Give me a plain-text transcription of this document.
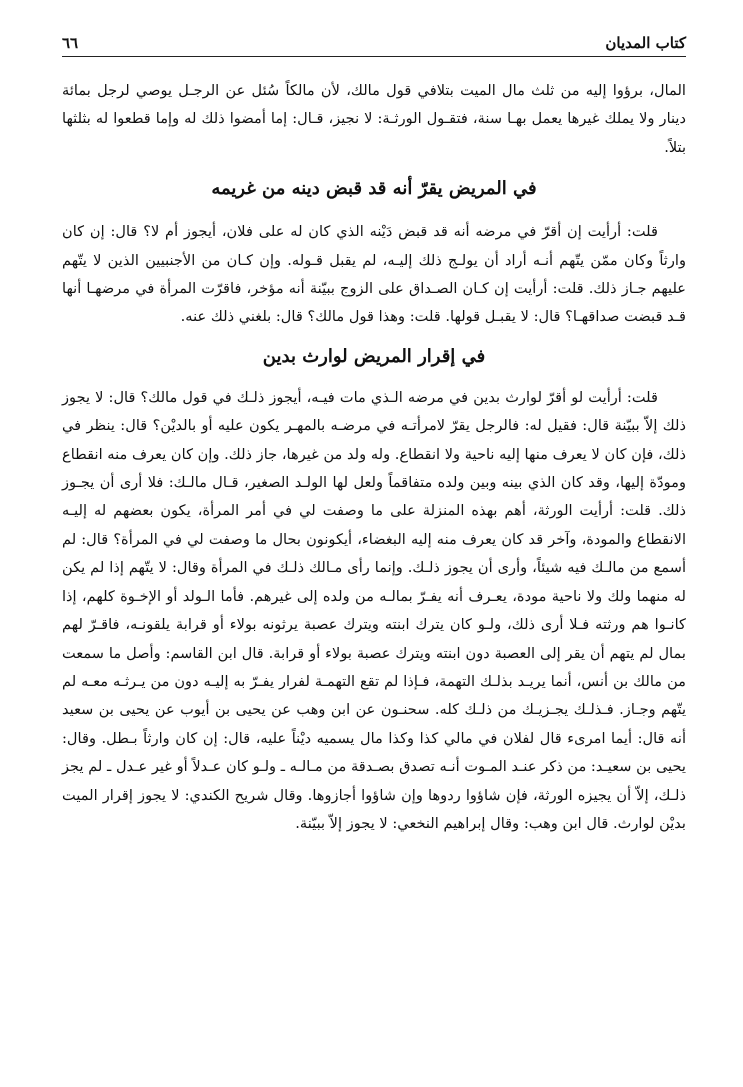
كتاب المديان
٦٦

المال، برؤوا إليه من ثلث مال الميت بتلافي قول مالك، لأن مالكاً سُئل عن الرجـل يوصي لرجل بمائة دينار ولا يملك غيرها يعمل بهـا سنة، فتقـول الورثـة: لا نجيز، قـال: إما أمضوا ذلك له وإما قطعوا له بثلثها بتلاً.

في المريض يقرّ أنه قد قبض دينه من غريمه

قلت: أرأيت إن أقرّ في مرضه أنه قد قبض دَيْنه الذي كان له على فلان، أيجوز أم لا؟ قال: إن كان وارثاً وكان ممّن يتّهم أنـه أراد أن يولـج ذلك إليـه، لم يقبل قـوله. وإن كـان من الأجنبيين الذين لا يتّهم عليهم جـاز ذلك. قلت: أرأيت إن كـان الصـداق على الزوج ببيّنة أنه مؤخر، فاقرّت المرأة في مرضهـا أنها قـد قبضت صداقهـا؟ قال: لا يقبـل قولها. قلت: وهذا قول مالك؟ قال: بلغني ذلك عنه.

في إقرار المريض لوارث بدين

قلت: أرأيت لو أقرّ لوارث بدين في مرضه الـذي مات فيـه، أيجوز ذلـك في قول مالك؟ قال: لا يجوز ذلك إلاّ ببيّنة قال: فقيل له: فالرجل يقرّ لامرأتـه في مرضـه بالمهـر يكون عليه أو بالديْن؟ قال: ينظر في ذلك، فإن كان لا يعرف منها إليه ناحية ولا انقطاع. وله ولد من غيرها، جاز ذلك. وإن كان يعرف منه انقطاع ومودّة إليها، وقد كان الذي بينه وبين ولده متفاقماً ولعل لها الولـد الصغير، قـال مالـك: فلا أرى أن يجـوز ذلك. قلت: أرأيت الورثة، أهم بهذه المنزلة على ما وصفت لي في أمر المرأة، يكون بعضهم له إليـه الانقطاع والمودة، وآخر قد كان يعرف منه إليه البغضاء، أيكونون بحال ما وصفت لي في المرأة؟ قال: لم أسمع من مالـك فيه شيئاً، وأرى أن يجوز ذلـك. وإنما رأى مـالك ذلـك في المرأة وقال: لا يتّهم إذا لم يكن له منهما ولك ولا ناحية مودة، يعـرف أنه يفـرّ بمالـه من ولده إلى غيرهم. فأما الـولد أو الإخـوة كلهم، إذا كانـوا هم ورثته فـلا أرى ذلك، ولـو كان يترك ابنته ويترك عصبة يرثونه بولاء أو قرابة يلقونـه، فاقـرّ لهم بمال لم يتهم أن يقر إلى العصبة دون ابنته ويترك عصبة بولاء أو قرابة. قال ابن القاسم: وأصل ما سمعت من مالك بن أنس، أنما يريـد بذلـك التهمة، فـإذا لم تقع التهمـة لفرار يفـرّ به إليـه دون من يـرثـه معـه لم يتّهم وجـاز. فـذلـك يجـزيـك من ذلـك كله. سحنـون عن ابن وهب عن يحيى بن أيوب عن يحيى بن سعيد أنه قال: أيما امرىء قال لفلان في مالي كذا وكذا مال يسميه ديْناً عليه، قال: إن كان وارثاً بـطل. وقال: يحيى بن سعيـد: من ذكر عنـد المـوت أنـه تصدق بصـدقة من مـالـه ـ ولـو كان عـدلاً أو غير عـدل ـ لم يجز ذلـك، إلاّ أن يجيزه الورثة، فإن شاؤوا ردوها وإن شاؤوا أجازوها. وقال شريح الكندي: لا يجوز إقرار الميت بديْن لوارث. قال ابن وهب: وقال إبراهيم النخعي: لا يجوز إلاّ ببيّنة.
